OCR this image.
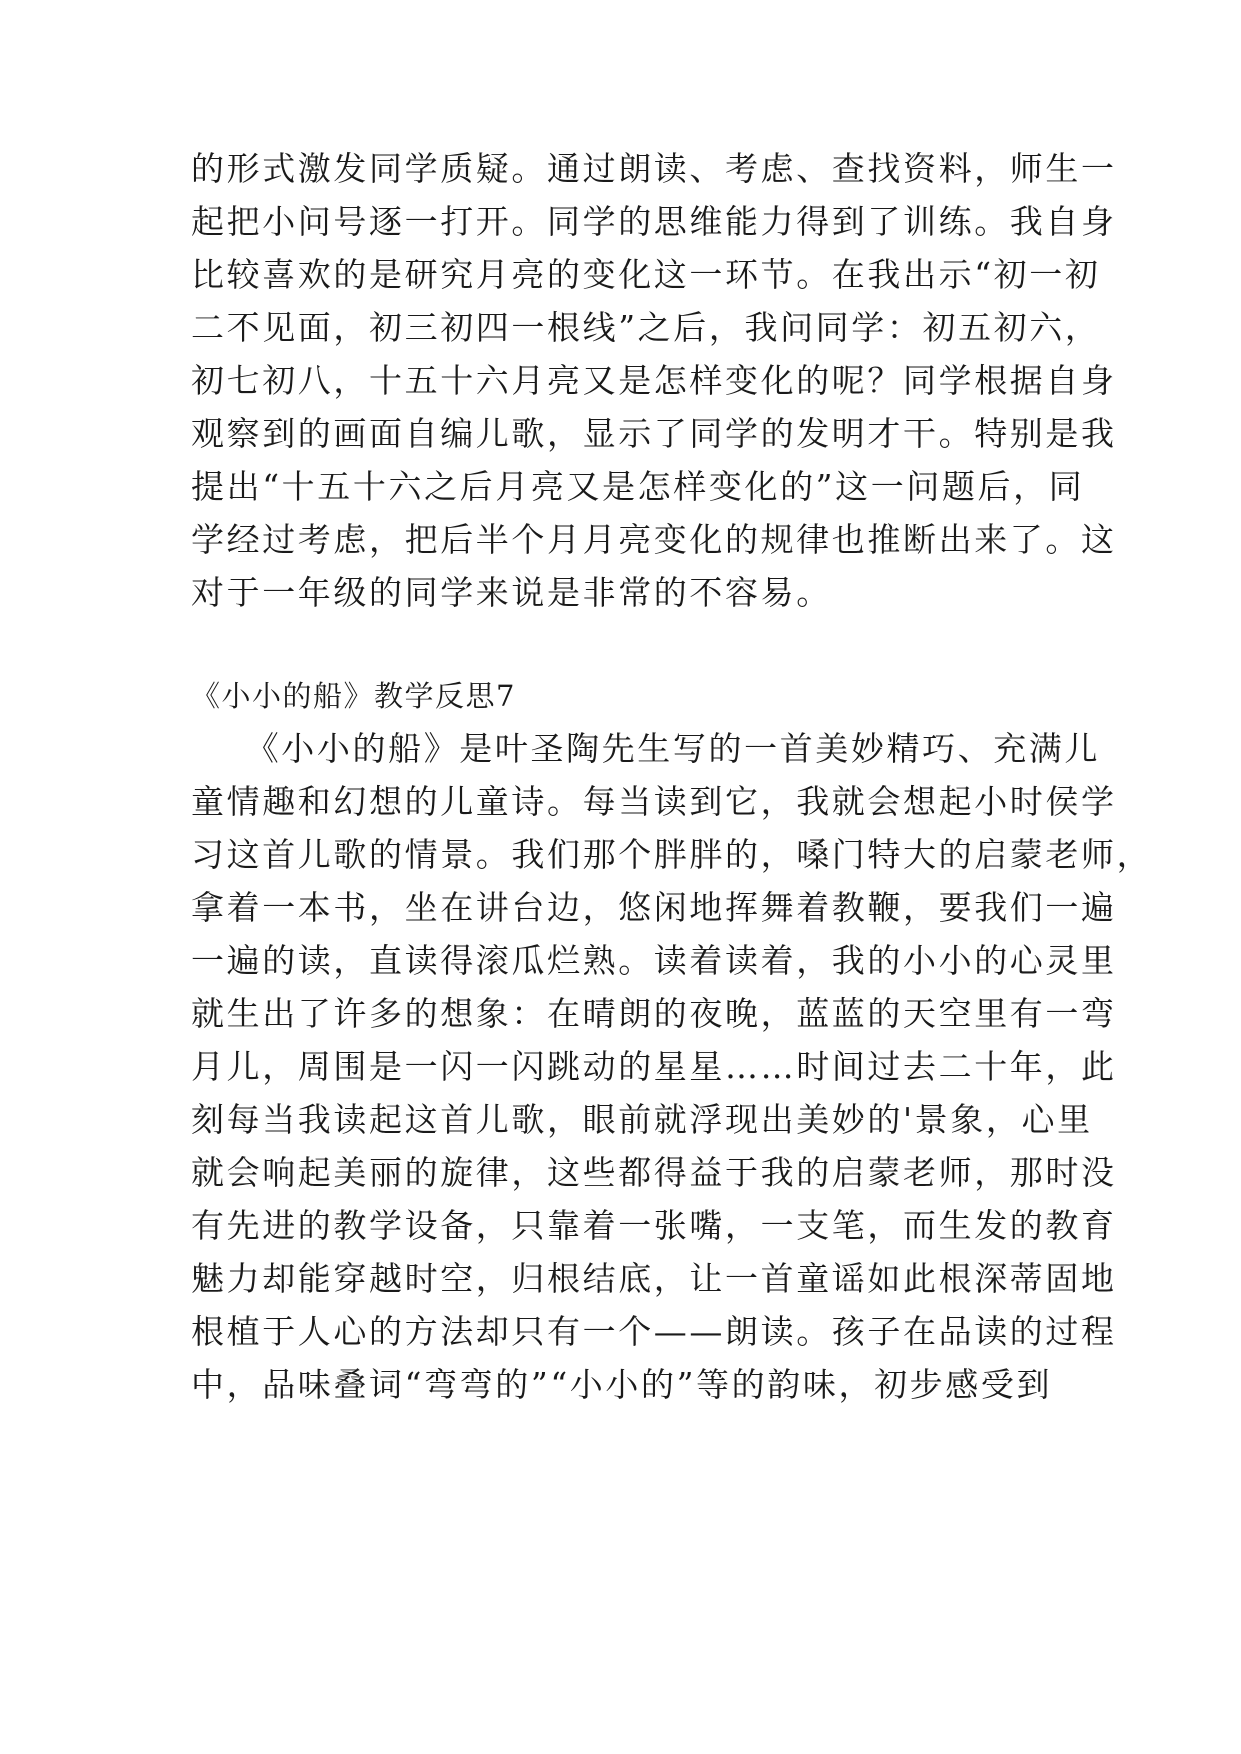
的形式激发同学质疑。通过朗读、考虑、查找资料，师生一
起把小问号逐一打开。同学的思维能力得到了训练。我自身
比较喜欢的是研究月亮的变化这一环节。在我出示“初一初
二不见面，初三初四一根线”之后，我问同学：初五初六，
初七初八，十五十六月亮又是怎样变化的呢？同学根据自身
观察到的画面自编儿歌，显示了同学的发明才干。特别是我
提出“十五十六之后月亮又是怎样变化的”这一问题后，同
学经过考虑，把后半个月月亮变化的规律也推断出来了。这
对于一年级的同学来说是非常的不容易。
《小小的船》教学反思7
　　《小小的船》是叶圣陶先生写的一首美妙精巧、充满儿
童情趣和幻想的儿童诗。每当读到它，我就会想起小时侯学
习这首儿歌的情景。我们那个胖胖的，嗓门特大的启蒙老师，
拿着一本书，坐在讲台边，悠闲地挥舞着教鞭，要我们一遍
一遍的读，直读得滚瓜烂熟。读着读着，我的小小的心灵里
就生出了许多的想象：在晴朗的夜晚，蓝蓝的天空里有一弯
月儿，周围是一闪一闪跳动的星星……时间过去二十年，此
刻每当我读起这首儿歌，眼前就浮现出美妙的'景象，心里
就会响起美丽的旋律，这些都得益于我的启蒙老师，那时没
有先进的教学设备，只靠着一张嘴，一支笔，而生发的教育
魅力却能穿越时空，归根结底，让一首童谣如此根深蒂固地
根植于人心的方法却只有一个——朗读。孩子在品读的过程
中，品味叠词“弯弯的”“小小的”等的韵味，初步感受到
